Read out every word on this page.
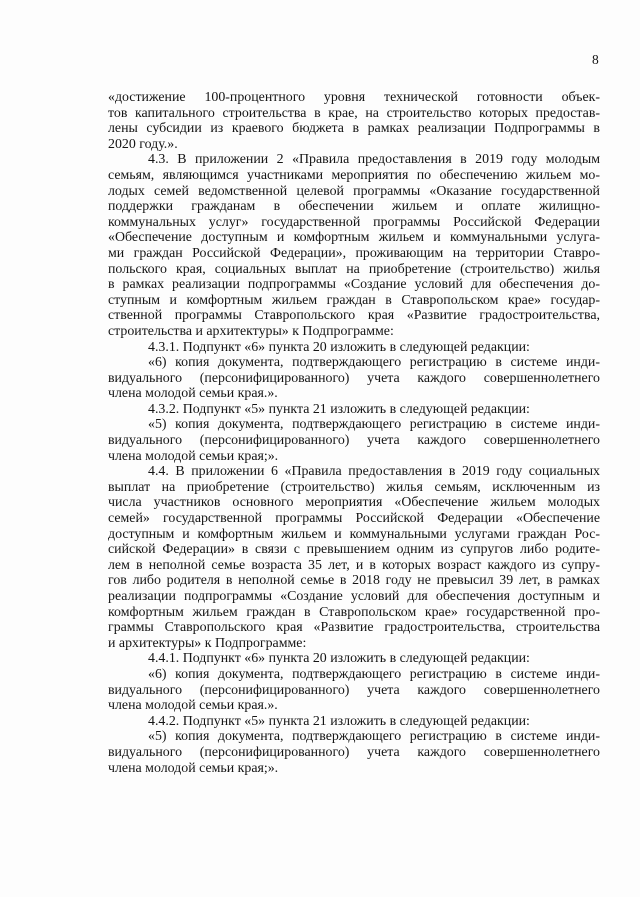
8
«достижение 100-процентного уровня технической готовности объек-
тов капитального строительства в крае, на строительство которых предостав-
лены субсидии из краевого бюджета в рамках реализации Подпрограммы в
2020 году.».
4.3. В приложении 2 «Правила предоставления в 2019 году молодым
семьям, являющимся участниками мероприятия по обеспечению жильем мо-
лодых семей ведомственной целевой программы «Оказание государственной
поддержки гражданам в обеспечении жильем и оплате жилищно-
коммунальных услуг» государственной программы Российской Федерации
«Обеспечение доступным и комфортным жильем и коммунальными услуга-
ми граждан Российской Федерации», проживающим на территории Ставро-
польского края, социальных выплат на приобретение (строительство) жилья
в рамках реализации подпрограммы «Создание условий для обеспечения до-
ступным и комфортным жильем граждан в Ставропольском крае» государ-
ственной программы Ставропольского края «Развитие градостроительства,
строительства и архитектуры» к Подпрограмме:
4.3.1. Подпункт «6» пункта 20 изложить в следующей редакции:
«6) копия документа, подтверждающего регистрацию в системе инди-
видуального (персонифицированного) учета каждого совершеннолетнего
члена молодой семьи края.».
4.3.2. Подпункт «5» пункта 21 изложить в следующей редакции:
«5) копия документа, подтверждающего регистрацию в системе инди-
видуального (персонифицированного) учета каждого совершеннолетнего
члена молодой семьи края;».
4.4. В приложении 6 «Правила предоставления в 2019 году социальных
выплат на приобретение (строительство) жилья семьям, исключенным из
числа участников основного мероприятия «Обеспечение жильем молодых
семей» государственной программы Российской Федерации «Обеспечение
доступным и комфортным жильем и коммунальными услугами граждан Рос-
сийской Федерации» в связи с превышением одним из супругов либо родите-
лем в неполной семье возраста 35 лет, и в которых возраст каждого из супру-
гов либо родителя в неполной семье в 2018 году не превысил 39 лет, в рамках
реализации подпрограммы «Создание условий для обеспечения доступным и
комфортным жильем граждан в Ставропольском крае» государственной про-
граммы Ставропольского края «Развитие градостроительства, строительства
и архитектуры» к Подпрограмме:
4.4.1. Подпункт «6» пункта 20 изложить в следующей редакции:
«6) копия документа, подтверждающего регистрацию в системе инди-
видуального (персонифицированного) учета каждого совершеннолетнего
члена молодой семьи края.».
4.4.2. Подпункт «5» пункта 21 изложить в следующей редакции:
«5) копия документа, подтверждающего регистрацию в системе инди-
видуального (персонифицированного) учета каждого совершеннолетнего
члена молодой семьи края;».
